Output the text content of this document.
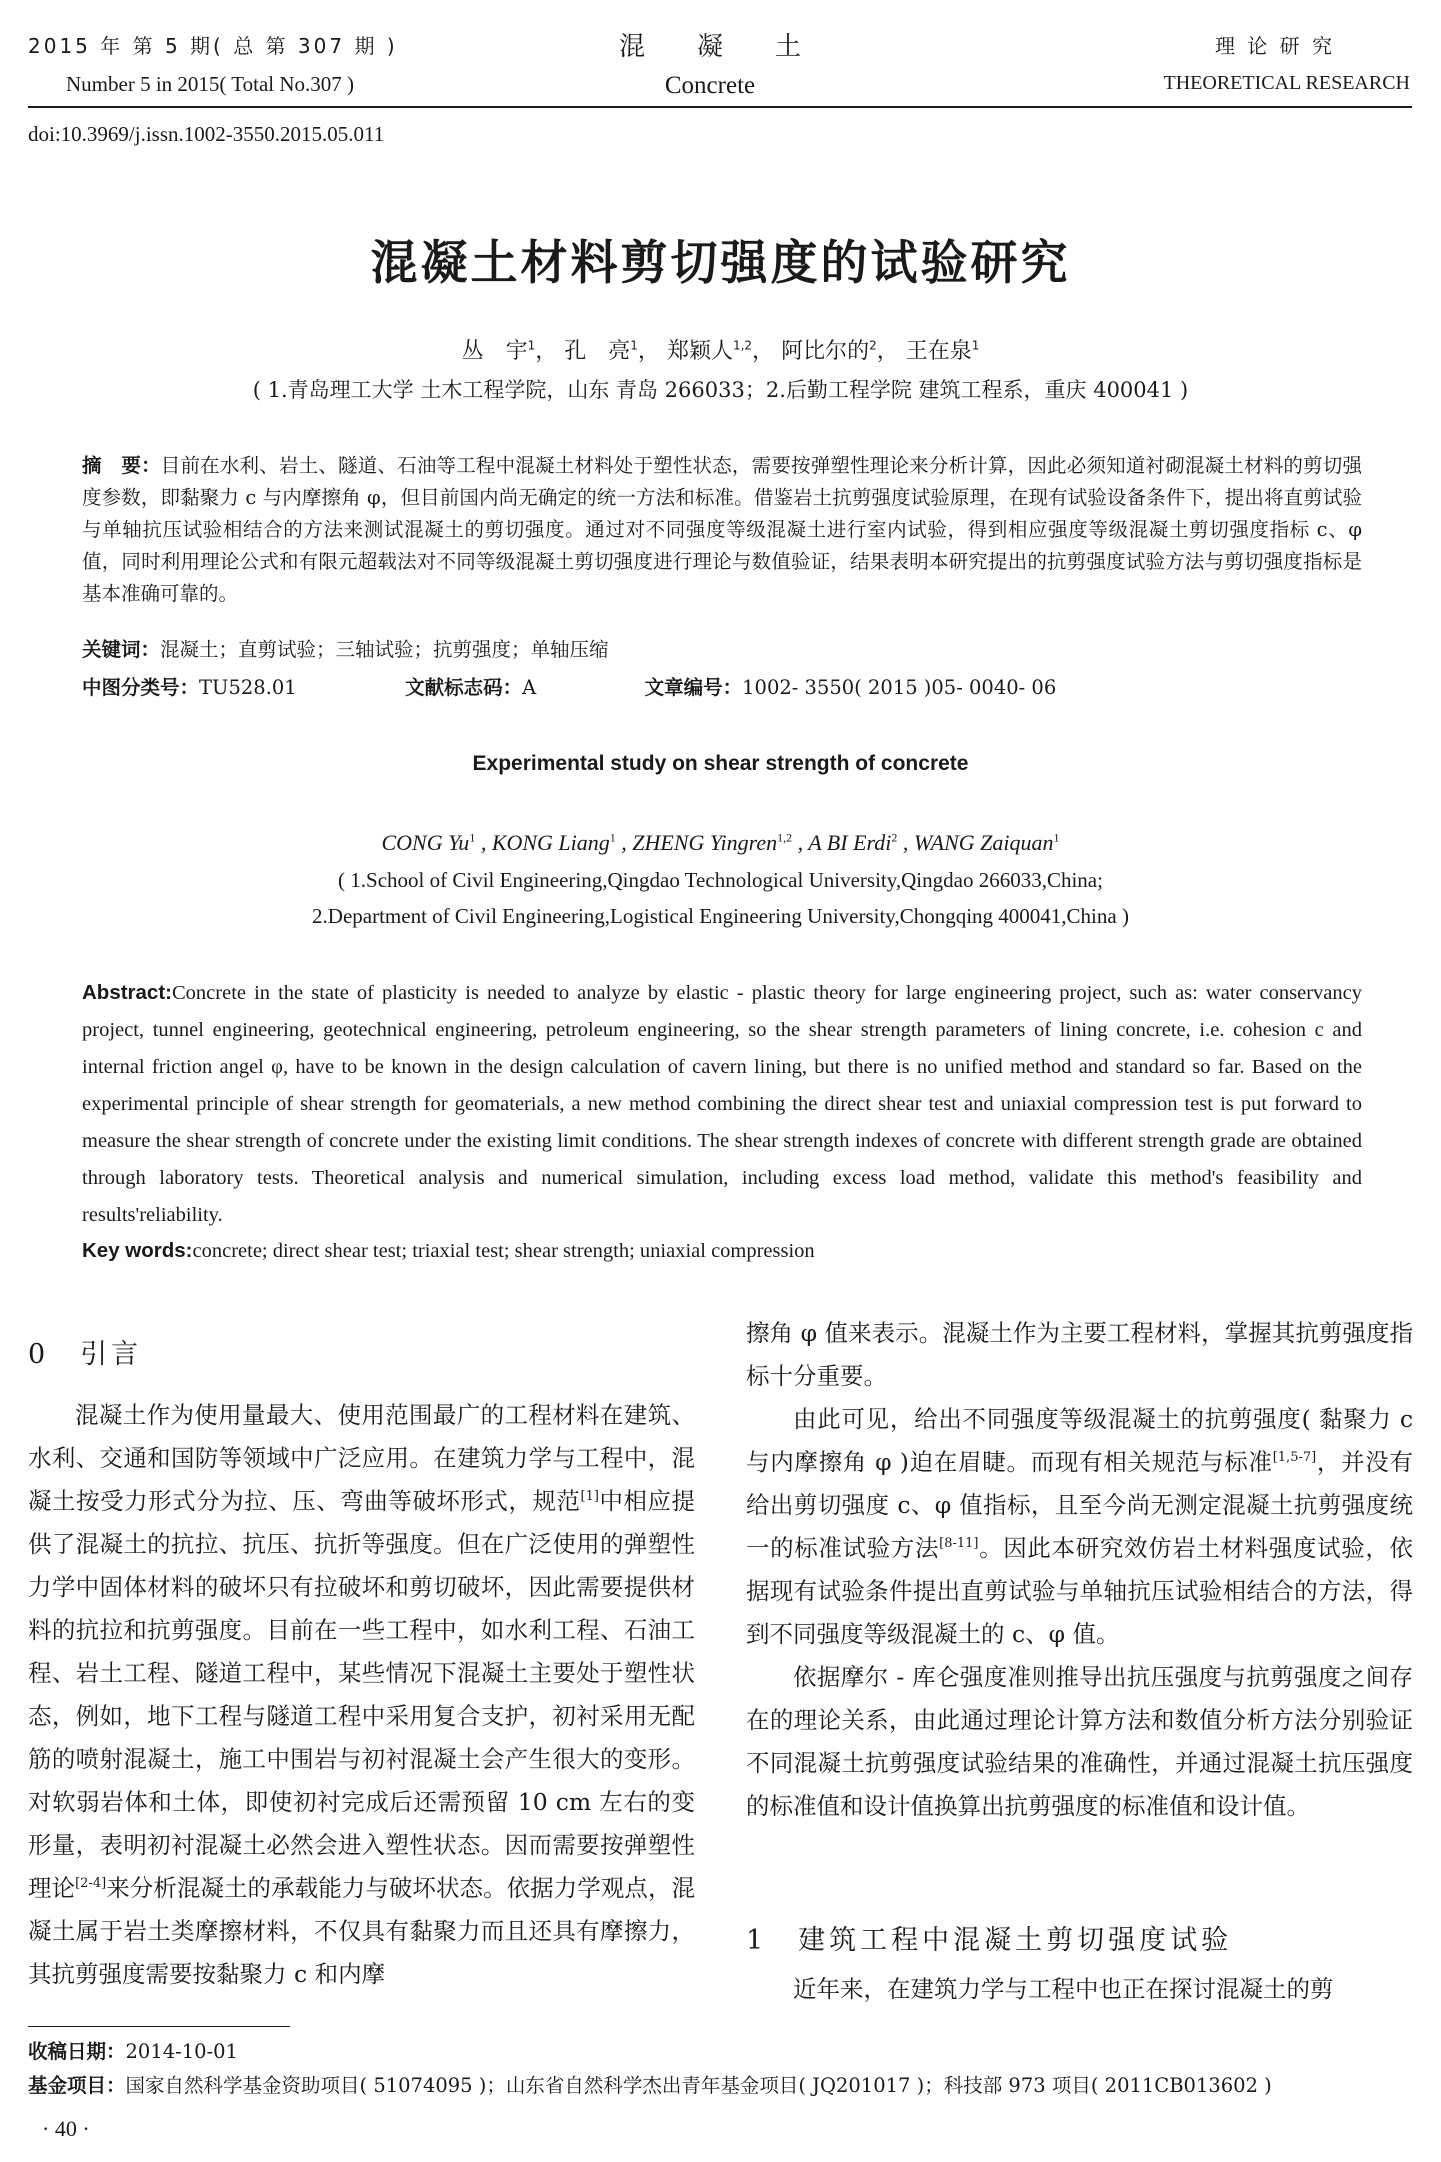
2015 年 第 5 期( 总 第 307 期 )
Number 5 in 2015( Total No.307 )
混　　凝　　土
Concrete
理 论 研 究
THEORETICAL RESEARCH
doi:10.3969/j.issn.1002-3550.2015.05.011
混凝土材料剪切强度的试验研究
丛　宇$^1$， 孔　亮$^1$， 郑颖人$^{1,2}$， 阿比尔的$^2$， 王在泉$^1$
( 1.青岛理工大学 土木工程学院，山东 青岛 266033；2.后勤工程学院 建筑工程系，重庆 400041 )
摘　要：目前在水利、岩土、隧道、石油等工程中混凝土材料处于塑性状态，需要按弹塑性理论来分析计算，因此必须知道衬砌混凝土材料的剪切强度参数，即黏聚力 c 与内摩擦角 φ，但目前国内尚无确定的统一方法和标准。借鉴岩土抗剪强度试验原理，在现有试验设备条件下，提出将直剪试验与单轴抗压试验相结合的方法来测试混凝土的剪切强度。通过对不同强度等级混凝土进行室内试验，得到相应强度等级混凝土剪切强度指标 c、φ 值，同时利用理论公式和有限元超载法对不同等级混凝土剪切强度进行理论与数值验证，结果表明本研究提出的抗剪强度试验方法与剪切强度指标是基本准确可靠的。
关键词：混凝土；直剪试验；三轴试验；抗剪强度；单轴压缩
中图分类号：TU528.01	文献标志码：A	文章编号：1002- 3550( 2015 )05- 0040- 06
Experimental study on shear strength of concrete
CONG Yu$^1$ , KONG Liang$^1$ , ZHENG Yingren$^{1,2}$ , A BI Erdi$^2$ , WANG Zaiquan$^1$
( 1.School of Civil Engineering,Qingdao Technological University,Qingdao 266033,China;
2.Department of Civil Engineering,Logistical Engineering University,Chongqing 400041,China )
Abstract:Concrete in the state of plasticity is needed to analyze by elastic - plastic theory for large engineering project, such as: water conservancy project, tunnel engineering, geotechnical engineering, petroleum engineering, so the shear strength parameters of lining concrete, i.e. cohesion c and internal friction angel φ, have to be known in the design calculation of cavern lining, but there is no unified method and standard so far. Based on the experimental principle of shear strength for geomaterials, a new method combining the direct shear test and uniaxial compression test is put forward to measure the shear strength of concrete under the existing limit conditions. The shear strength indexes of concrete with different strength grade are obtained through laboratory tests. Theoretical analysis and numerical simulation, including excess load method, validate this method's feasibility and results'reliability.
Key words:concrete; direct shear test; triaxial test; shear strength; uniaxial compression
0　引言

混凝土作为使用量最大、使用范围最广的工程材料在建筑、水利、交通和国防等领域中广泛应用。在建筑力学与工程中，混凝土按受力形式分为拉、压、弯曲等破坏形式，规范[1]中相应提供了混凝土的抗拉、抗压、抗折等强度。但在广泛使用的弹塑性力学中固体材料的破坏只有拉破坏和剪切破坏，因此需要提供材料的抗拉和抗剪强度。目前在一些工程中，如水利工程、石油工程、岩土工程、隧道工程中，某些情况下混凝土主要处于塑性状态，例如，地下工程与隧道工程中采用复合支护，初衬采用无配筋的喷射混凝土，施工中围岩与初衬混凝土会产生很大的变形。对软弱岩体和土体，即使初衬完成后还需预留 10 cm 左右的变形量，表明初衬混凝土必然会进入塑性状态。因而需要按弹塑性理论[2-4]来分析混凝土的承载能力与破坏状态。依据力学观点，混凝土属于岩土类摩擦材料，不仅具有黏聚力而且还具有摩擦力，其抗剪强度需要按黏聚力 c 和内摩

擦角 φ 值来表示。混凝土作为主要工程材料，掌握其抗剪强度指标十分重要。

由此可见，给出不同强度等级混凝土的抗剪强度( 黏聚力 c 与内摩擦角 φ )迫在眉睫。而现有相关规范与标准[1,5-7]，并没有给出剪切强度 c、φ 值指标，且至今尚无测定混凝土抗剪强度统一的标准试验方法[8-11]。因此本研究效仿岩土材料强度试验，依据现有试验条件提出直剪试验与单轴抗压试验相结合的方法，得到不同强度等级混凝土的 c、φ 值。

依据摩尔 - 库仑强度准则推导出抗压强度与抗剪强度之间存在的理论关系，由此通过理论计算方法和数值分析方法分别验证不同混凝土抗剪强度试验结果的准确性，并通过混凝土抗压强度的标准值和设计值换算出抗剪强度的标准值和设计值。

1　建筑工程中混凝土剪切强度试验

近年来，在建筑力学与工程中也正在探讨混凝土的剪

收稿日期：2014-10-01
基金项目：国家自然科学基金资助项目( 51074095 )；山东省自然科学杰出青年基金项目( JQ201017 )；科技部 973 项目( 2011CB013602 )
· 40 ·
